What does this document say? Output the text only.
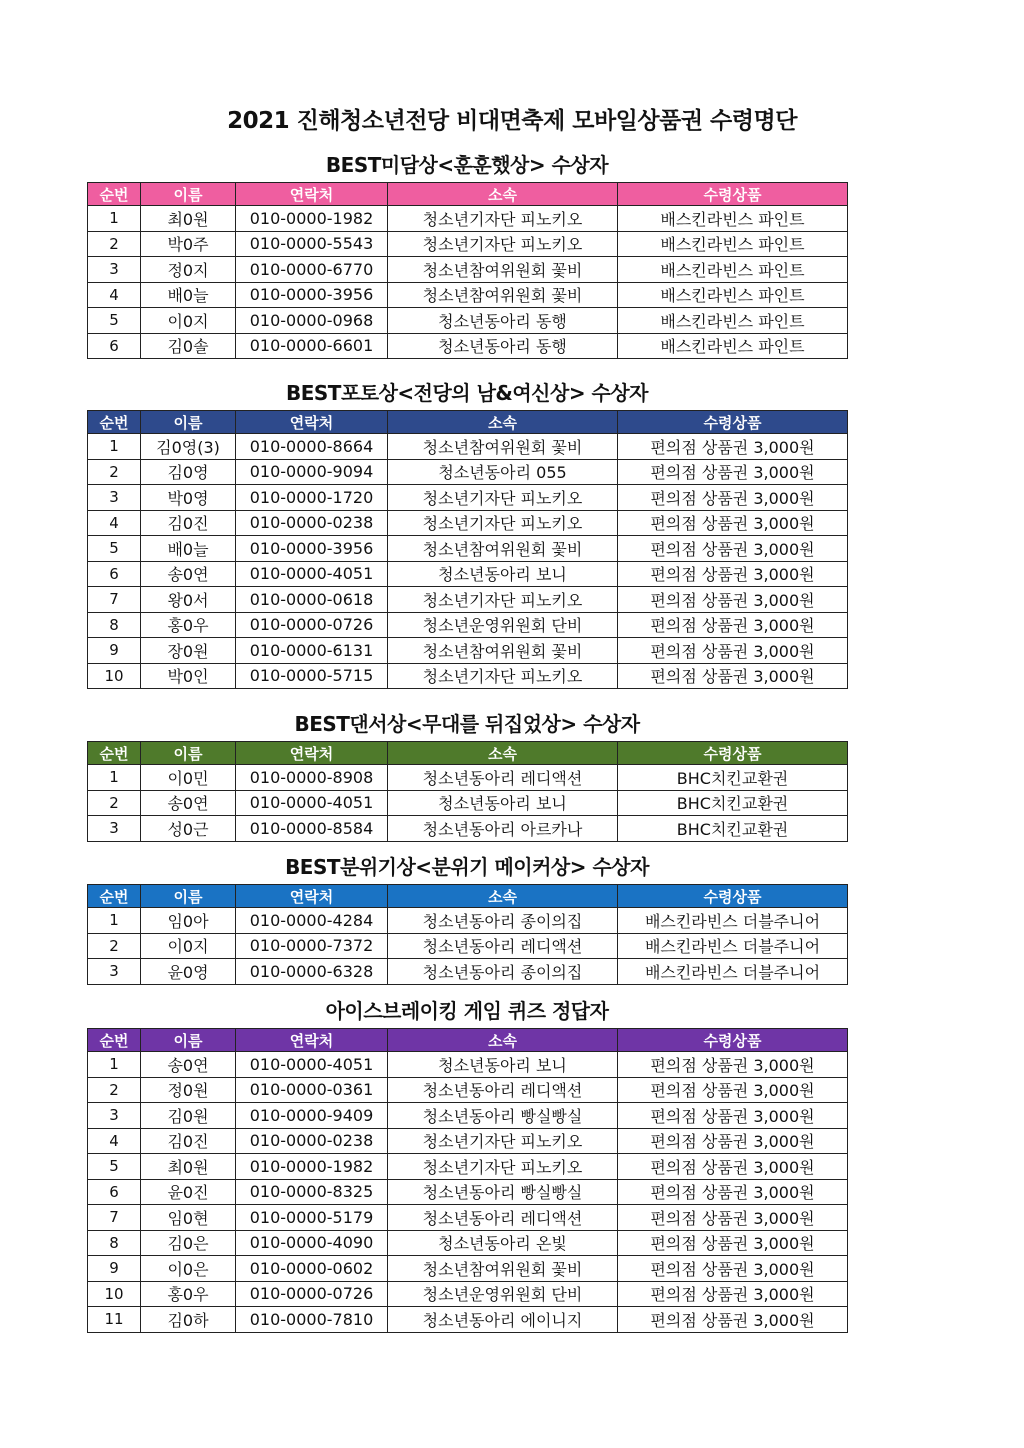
2021 진해청소년전당 비대면축제 모바일상품권 수령명단
BEST미담상<훈훈했상> 수상자
순번	이름	연락처	소속	수령상품
1	최0원	010-0000-1982	청소년기자단 피노키오	배스킨라빈스 파인트
2	박0주	010-0000-5543	청소년기자단 피노키오	배스킨라빈스 파인트
3	정0지	010-0000-6770	청소년참여위원회 꽃비	배스킨라빈스 파인트
4	배0늘	010-0000-3956	청소년참여위원회 꽃비	배스킨라빈스 파인트
5	이0지	010-0000-0968	청소년동아리 동행	배스킨라빈스 파인트
6	김0솔	010-0000-6601	청소년동아리 동행	배스킨라빈스 파인트
BEST포토상<전당의 남&여신상> 수상자
순번	이름	연락처	소속	수령상품
1	김0영(3)	010-0000-8664	청소년참여위원회 꽃비	편의점 상품권 3,000원
2	김0영	010-0000-9094	청소년동아리 055	편의점 상품권 3,000원
3	박0영	010-0000-1720	청소년기자단 피노키오	편의점 상품권 3,000원
4	김0진	010-0000-0238	청소년기자단 피노키오	편의점 상품권 3,000원
5	배0늘	010-0000-3956	청소년참여위원회 꽃비	편의점 상품권 3,000원
6	송0연	010-0000-4051	청소년동아리 보니	편의점 상품권 3,000원
7	왕0서	010-0000-0618	청소년기자단 피노키오	편의점 상품권 3,000원
8	홍0우	010-0000-0726	청소년운영위원회 단비	편의점 상품권 3,000원
9	장0원	010-0000-6131	청소년참여위원회 꽃비	편의점 상품권 3,000원
10	박0인	010-0000-5715	청소년기자단 피노키오	편의점 상품권 3,000원
BEST댄서상<무대를 뒤집었상> 수상자
순번	이름	연락처	소속	수령상품
1	이0민	010-0000-8908	청소년동아리 레디액션	BHC치킨교환권
2	송0연	010-0000-4051	청소년동아리 보니	BHC치킨교환권
3	성0근	010-0000-8584	청소년동아리 아르카나	BHC치킨교환권
BEST분위기상<분위기 메이커상> 수상자
순번	이름	연락처	소속	수령상품
1	임0아	010-0000-4284	청소년동아리 종이의집	배스킨라빈스 더블주니어
2	이0지	010-0000-7372	청소년동아리 레디액션	배스킨라빈스 더블주니어
3	윤0영	010-0000-6328	청소년동아리 종이의집	배스킨라빈스 더블주니어
아이스브레이킹 게임 퀴즈 정답자
순번	이름	연락처	소속	수령상품
1	송0연	010-0000-4051	청소년동아리 보니	편의점 상품권 3,000원
2	정0원	010-0000-0361	청소년동아리 레디액션	편의점 상품권 3,000원
3	김0원	010-0000-9409	청소년동아리 빵실빵실	편의점 상품권 3,000원
4	김0진	010-0000-0238	청소년기자단 피노키오	편의점 상품권 3,000원
5	최0원	010-0000-1982	청소년기자단 피노키오	편의점 상품권 3,000원
6	윤0진	010-0000-8325	청소년동아리 빵실빵실	편의점 상품권 3,000원
7	임0현	010-0000-5179	청소년동아리 레디액션	편의점 상품권 3,000원
8	김0은	010-0000-4090	청소년동아리 온빛	편의점 상품권 3,000원
9	이0은	010-0000-0602	청소년참여위원회 꽃비	편의점 상품권 3,000원
10	홍0우	010-0000-0726	청소년운영위원회 단비	편의점 상품권 3,000원
11	김0하	010-0000-7810	청소년동아리 에이니지	편의점 상품권 3,000원
